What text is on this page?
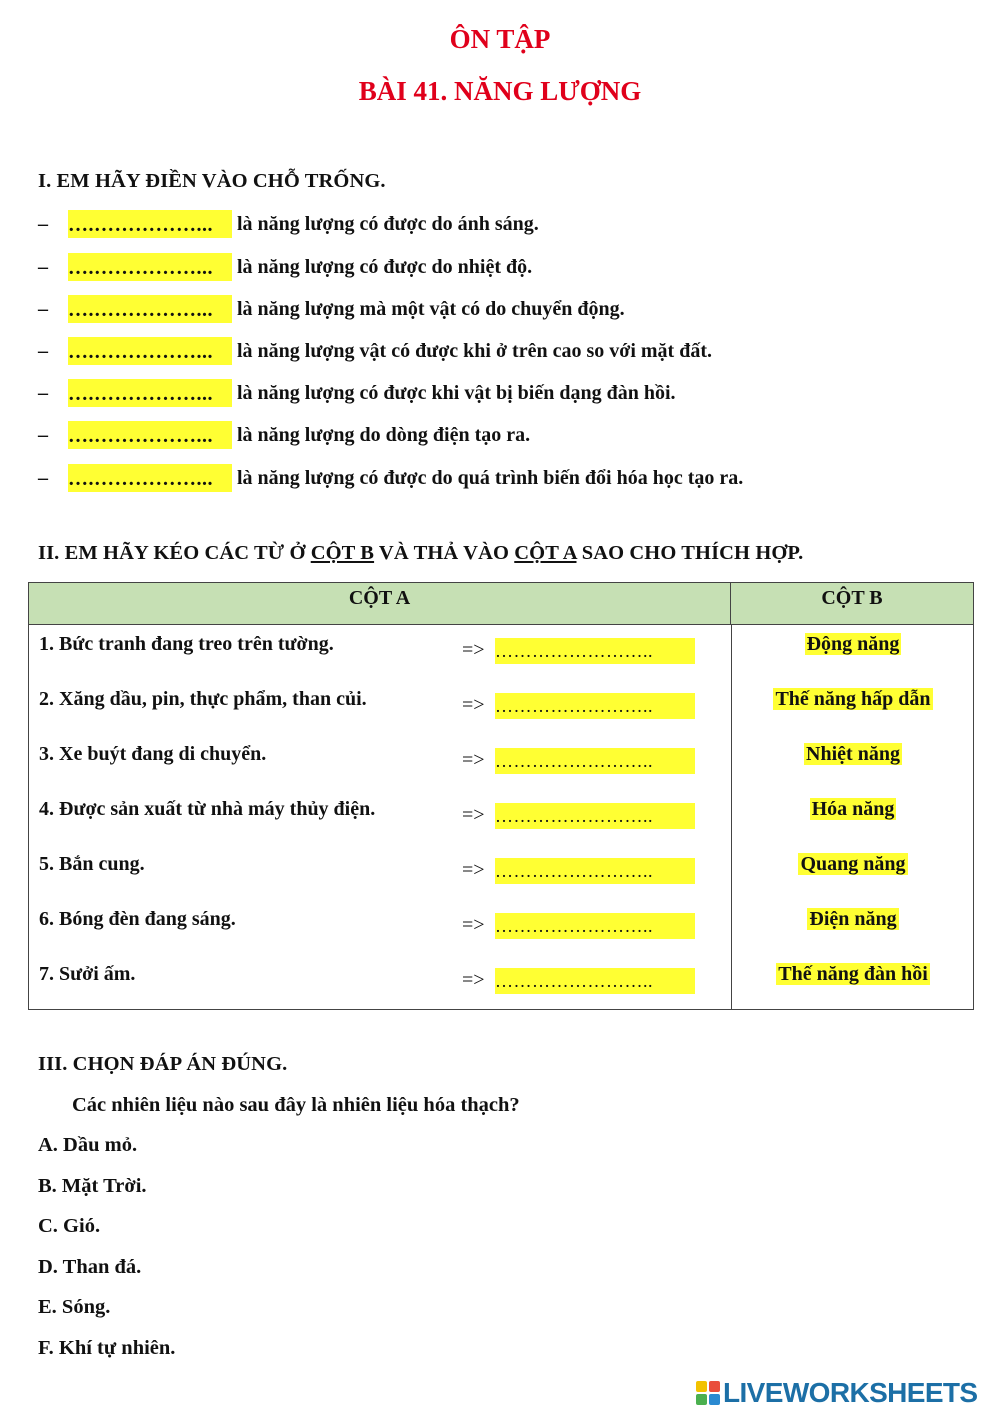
ÔN TẬP
BÀI 41. NĂNG LƯỢNG
I. EM HÃY ĐIỀN VÀO CHỖ TRỐNG.
–	….……………...	là năng lượng có được do ánh sáng.
–	….……………...	là năng lượng có được do nhiệt độ.
–	….……………...	là năng lượng mà một vật có do chuyển động.
–	….……………...	là năng lượng vật có được khi ở trên cao so với mặt đất.
–	….……………...	là năng lượng có được khi vật bị biến dạng đàn hồi.
–	….……………...	là năng lượng do dòng điện tạo ra.
–	….……………...	là năng lượng có được do quá trình biến đổi hóa học tạo ra.
II. EM HÃY KÉO CÁC TỪ Ở CỘT B VÀ THẢ VÀO CỘT A SAO CHO THÍCH HỢP.
CỘT A	CỘT B
1. Bức tranh đang treo trên tường.	=> ……………………..	Động năng
2. Xăng dầu, pin, thực phẩm, than củi.	=> ……………………..	Thế năng hấp dẫn
3. Xe buýt đang di chuyển.	=> ……………………..	Nhiệt năng
4. Được sản xuất từ nhà máy thủy điện.	=> ……………………..	Hóa năng
5. Bắn cung.	=> ……………………..	Quang năng
6. Bóng đèn đang sáng.	=> ……………………..	Điện năng
7. Sưởi ấm.	=> ……………………..	Thế năng đàn hồi
III. CHỌN ĐÁP ÁN ĐÚNG.
Các nhiên liệu nào sau đây là nhiên liệu hóa thạch?
A. Dầu mỏ.
B. Mặt Trời.
C. Gió.
D. Than đá.
E. Sóng.
F. Khí tự nhiên.
LIVEWORKSHEETS
